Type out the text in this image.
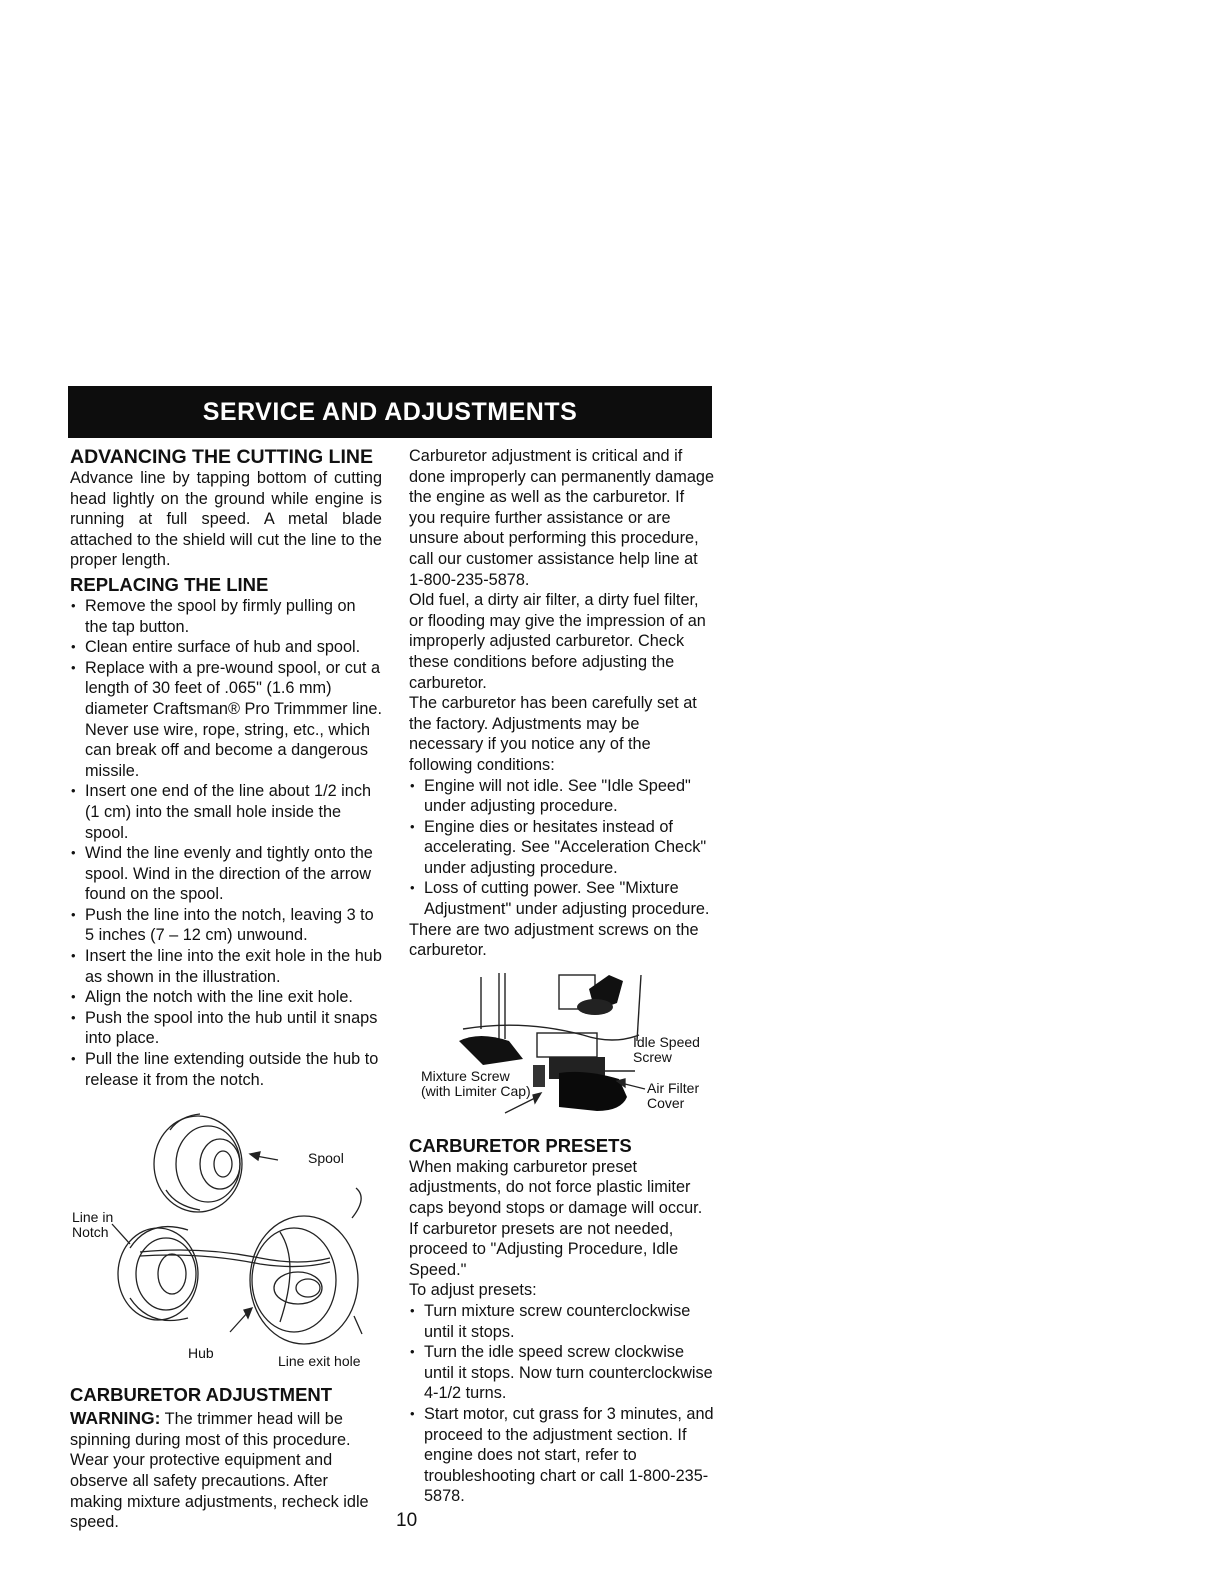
SERVICE AND ADJUSTMENTS
ADVANCING THE CUTTING LINE

Advance line by tapping bottom of cutting head lightly on the ground while engine is running at full speed. A metal blade attached to the shield will cut the line to the proper length.

REPLACING THE LINE
• Remove the spool by firmly pulling on the tap button.
• Clean entire surface of hub and spool.
• Replace with a pre-wound spool, or cut a length of 30 feet of .065" (1.6 mm) diameter Craftsman® Pro Trimmmer line. Never use wire, rope, string, etc., which can break off and become a dangerous missile.
• Insert one end of the line about 1/2 inch (1 cm) into the small hole inside the spool.
• Wind the line evenly and tightly onto the spool. Wind in the direction of the arrow found on the spool.
• Push the line into the notch, leaving 3 to 5 inches (7 – 12 cm) unwound.
• Insert the line into the exit hole in the hub as shown in the illustration.
• Align the notch with the line exit hole.
• Push the spool into the hub until it snaps into place.
• Pull the line extending outside the hub to release it from the notch.
Spool
Line in Notch
Hub	Line exit hole
CARBURETOR ADJUSTMENT

WARNING: The trimmer head will be spinning during most of this procedure. Wear your protective equipment and observe all safety precautions. After making mixture adjustments, recheck idle speed.

Carburetor adjustment is critical and if done improperly can permanently damage the engine as well as the carburetor. If you require further assistance or are unsure about performing this procedure, call our customer assistance help line at 1-800-235-5878.

Old fuel, a dirty air filter, a dirty fuel filter, or flooding may give the impression of an improperly adjusted carburetor. Check these conditions before adjusting the carburetor.

The carburetor has been carefully set at the factory. Adjustments may be necessary if you notice any of the following conditions:

• Engine will not idle. See "Idle Speed" under adjusting procedure.
• Engine dies or hesitates instead of accelerating. See "Acceleration Check" under adjusting procedure.
• Loss of cutting power. See "Mixture Adjustment" under adjusting procedure.

There are two adjustment screws on the carburetor.

Idle Speed Screw
Mixture Screw (with Limiter Cap)	Air Filter Cover
CARBURETOR PRESETS

When making carburetor preset adjustments, do not force plastic limiter caps beyond stops or damage will occur.

If carburetor presets are not needed, proceed to "Adjusting Procedure, Idle Speed."

To adjust presets:

• Turn mixture screw counterclockwise until it stops.
• Turn the idle speed screw clockwise until it stops. Now turn counterclockwise 4-1/2 turns.
• Start motor, cut grass for 3 minutes, and proceed to the adjustment section. If engine does not start, refer to troubleshooting chart or call 1-800-235-5878.
10
